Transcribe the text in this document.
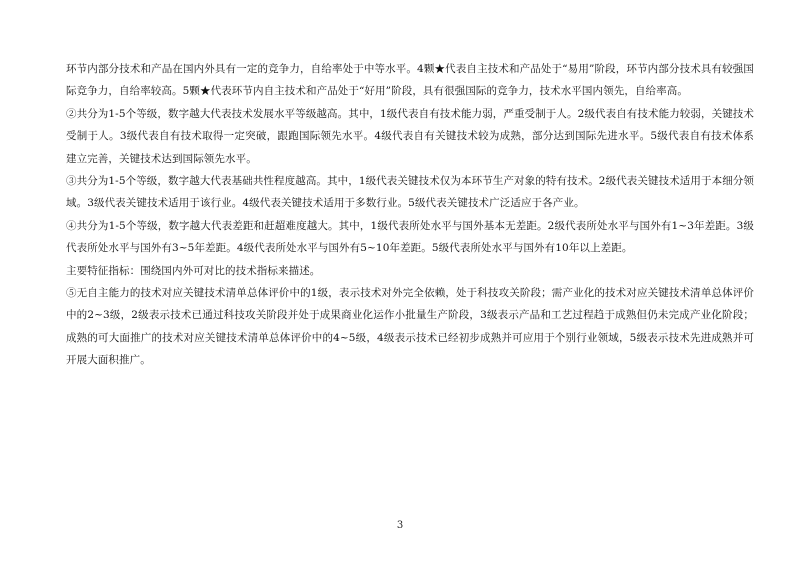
环节内部分技术和产品在国内外具有一定的竞争力，自给率处于中等水平。4颗★代表自主技术和产品处于“易用”阶段，环节内部分技术具有较强国际竞争力，自给率较高。5颗★代表环节内自主技术和产品处于“好用”阶段，具有很强国际的竞争力，技术水平国内领先，自给率高。

②共分为1-5个等级，数字越大代表技术发展水平等级越高。其中，1级代表自有技术能力弱，严重受制于人。2级代表自有技术能力较弱，关键技术受制于人。3级代表自有技术取得一定突破，跟跑国际领先水平。4级代表自有关键技术较为成熟，部分达到国际先进水平。5级代表自有技术体系建立完善，关键技术达到国际领先水平。

③共分为1-5个等级，数字越大代表基础共性程度越高。其中，1级代表关键技术仅为本环节生产对象的特有技术。2级代表关键技术适用于本细分领域。3级代表关键技术适用于该行业。4级代表关键技术适用于多数行业。5级代表关键技术广泛适应于各产业。

④共分为1-5个等级，数字越大代表差距和赶超难度越大。其中，1级代表所处水平与国外基本无差距。2级代表所处水平与国外有1~3年差距。3级代表所处水平与国外有3~5年差距。4级代表所处水平与国外有5~10年差距。5级代表所处水平与国外有10年以上差距。

主要特征指标：围绕国内外可对比的技术指标来描述。

⑤无自主能力的技术对应关键技术清单总体评价中的1级，表示技术对外完全依赖，处于科技攻关阶段；需产业化的技术对应关键技术清单总体评价中的2~3级，2级表示技术已通过科技攻关阶段并处于成果商业化运作小批量生产阶段，3级表示产品和工艺过程趋于成熟但仍未完成产业化阶段；成熟的可大面推广的技术对应关键技术清单总体评价中的4~5级，4级表示技术已经初步成熟并可应用于个别行业领域，5级表示技术先进成熟并可开展大面积推广。

3
